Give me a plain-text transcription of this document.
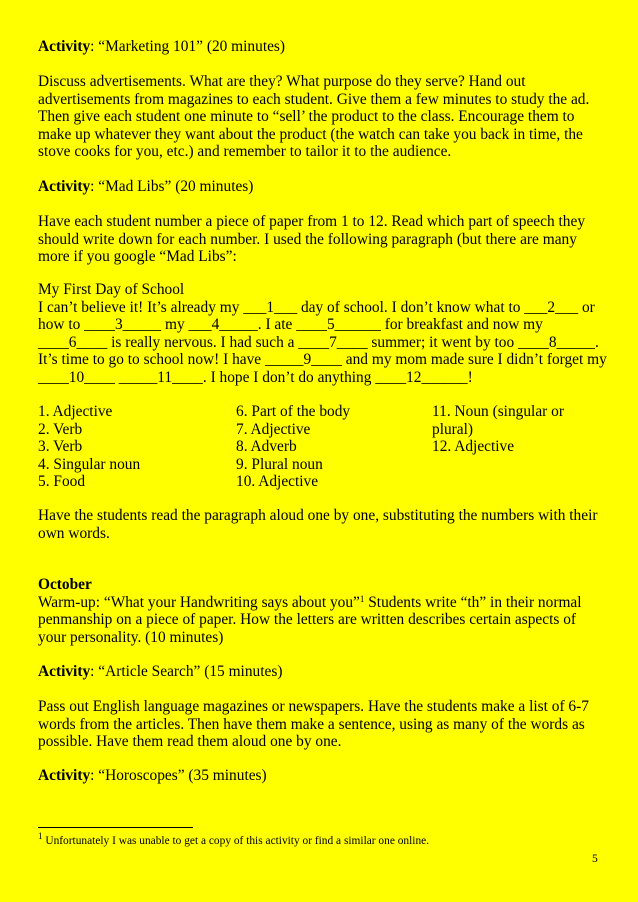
Activity: “Marketing 101” (20 minutes)
Discuss advertisements. What are they? What purpose do they serve? Hand out
advertisements from magazines to each student. Give them a few minutes to study the ad.
Then give each student one minute to “sell’ the product to the class. Encourage them to
make up whatever they want about the product (the watch can take you back in time, the
stove cooks for you, etc.) and remember to tailor it to the audience.
Activity: “Mad Libs” (20 minutes)
Have each student number a piece of paper from 1 to 12. Read which part of speech they
should write down for each number. I used the following paragraph (but there are many
more if you google “Mad Libs”:
My First Day of School
I can’t believe it! It’s already my ___1___ day of school. I don’t know what to ___2___ or
how to ____3_____ my ___4_____. I ate ____5______ for breakfast and now my
____6____ is really nervous. I had such a ____7____ summer; it went by too ____8_____.
It’s time to go to school now! I have _____9____ and my mom made sure I didn’t forget my
____10____ _____11____. I hope I don’t do anything ____12______!
1. Adjective
2. Verb
3. Verb
4. Singular noun
5. Food
6. Part of the body
7. Adjective
8. Adverb
9. Plural noun
10. Adjective
11. Noun (singular or
plural)
12. Adjective
Have the students read the paragraph aloud one by one, substituting the numbers with their
own words.
October
Warm-up: “What your Handwriting says about you”$^1$ Students write “th” in their normal
penmanship on a piece of paper. How the letters are written describes certain aspects of
your personality. (10 minutes)
Activity: “Article Search” (15 minutes)
Pass out English language magazines or newspapers. Have the students make a list of 6-7
words from the articles. Then have them make a sentence, using as many of the words as
possible. Have them read them aloud one by one.
Activity: “Horoscopes” (35 minutes)
$^1$ Unfortunately I was unable to get a copy of this activity or find a similar one online.
5
